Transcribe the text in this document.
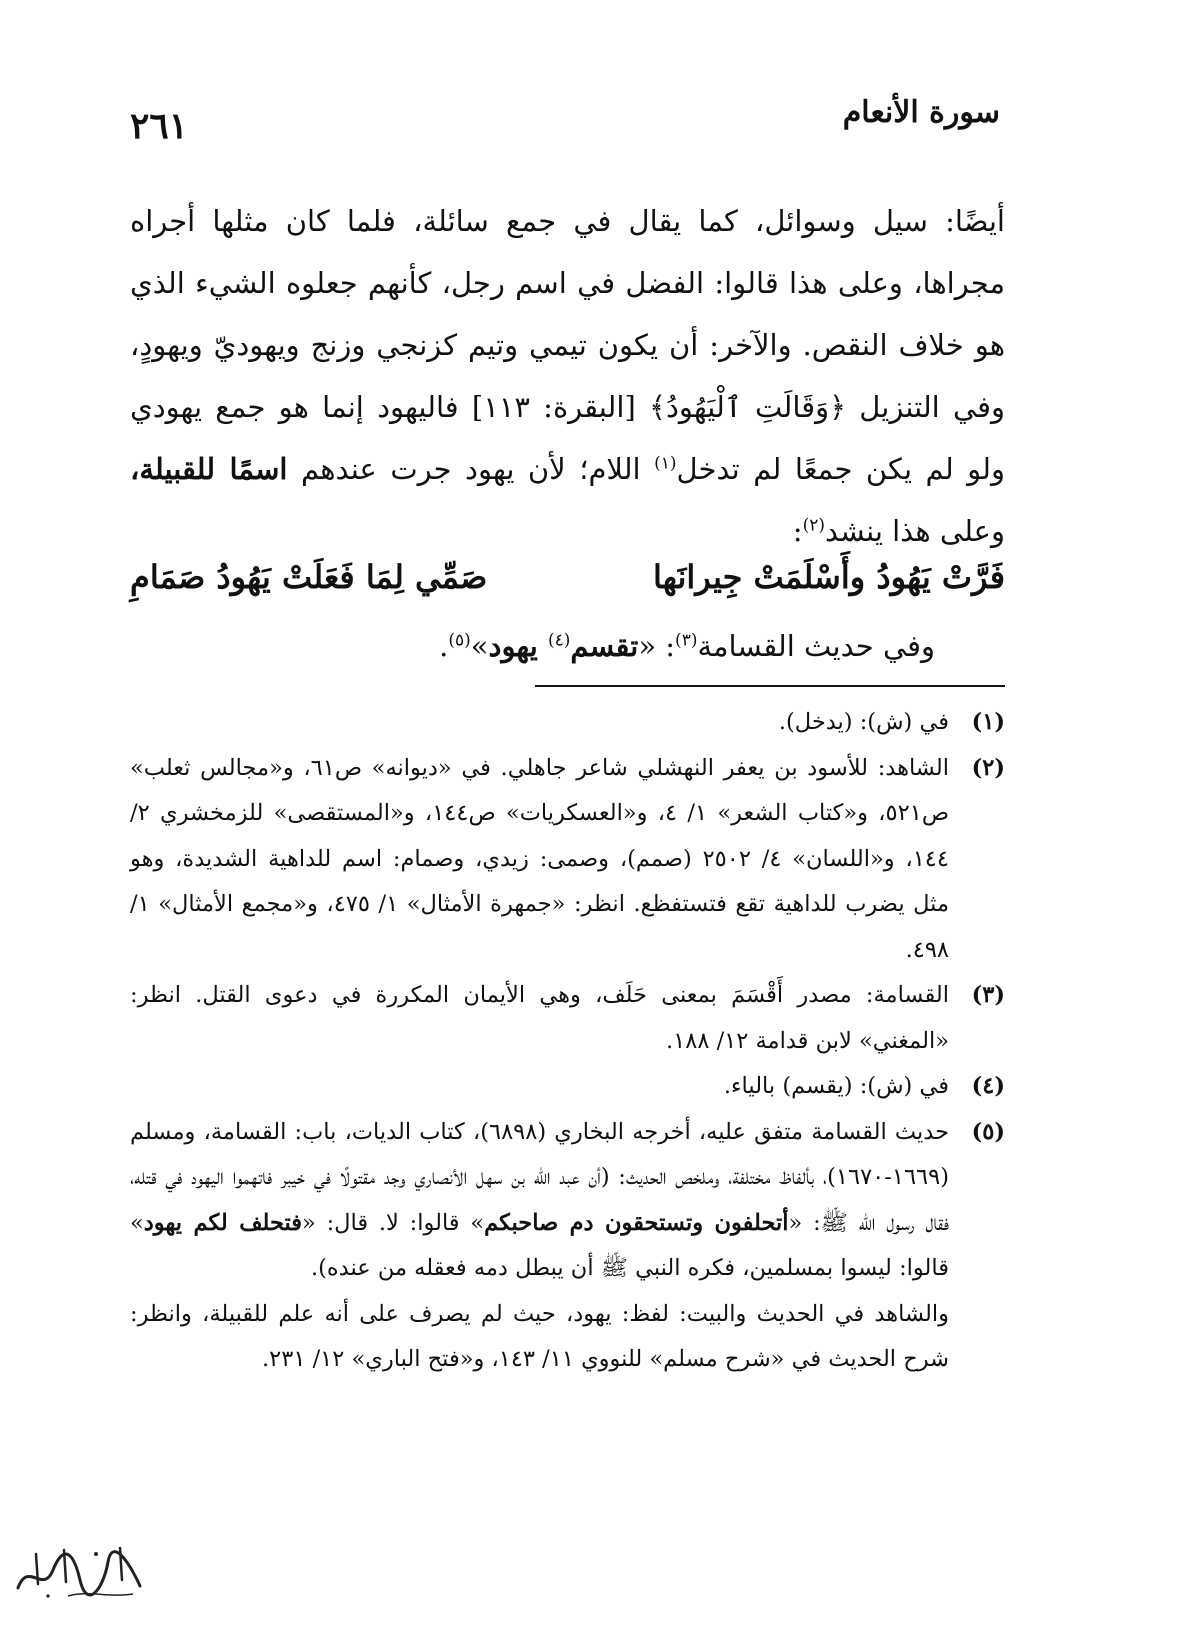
٢٦١	سورة الأنعام

أيضًا: سيل وسوائل، كما يقال في جمع سائلة، فلما كان مثلها أجراه مجراها، وعلى هذا قالوا: الفضل في اسم رجل، كأنهم جعلوه الشيء الذي هو خلاف النقص. والآخر: أن يكون تيمي وتيم كزنجي وزنج ويهوديّ ويهودٍ، وفي التنزيل ﴿وَقَالَتِ ٱلْيَهُودُ﴾ [البقرة: ١١٣] فاليهود إنما هو جمع يهودي ولو لم يكن جمعًا لم تدخل$^{(١)}$ اللام؛ لأن يهود جرت عندهم اسمًا للقبيلة، وعلى هذا ينشد$^{(٢)}$:

فَرَّتْ يَهُودُ وأَسْلَمَتْ جِيرانَها
صَمِّي لِمَا فَعَلَتْ يَهُودُ صَمَامِ
وفي حديث القسامة$^{(٣)}$: «تقسم$^{(٤)}$ يهود»$^{(٥)}$.
(١)
في (ش): (يدخل).
(٢)
الشاهد: للأسود بن يعفر النهشلي شاعر جاهلي. في «ديوانه» ص٦١، و«مجالس ثعلب» ص٥٢١، و«كتاب الشعر» ١/ ٤، و«العسكريات» ص١٤٤، و«المستقصى» للزمخشري ٢/ ١٤٤، و«اللسان» ٤/ ٢٥٠٢ (صمم)، وصمى: زيدي، وصمام: اسم للداهية الشديدة، وهو مثل يضرب للداهية تقع فتستفظع. انظر: «جمهرة الأمثال» ١/ ٤٧٥، و«مجمع الأمثال» ١/ ٤٩٨.
(٣)
القسامة: مصدر أَقْسَمَ بمعنى حَلَف، وهي الأيمان المكررة في دعوى القتل. انظر: «المغني» لابن قدامة ١٢/ ١٨٨.
(٤)
في (ش): (يقسم) بالياء.
(٥)
حديث القسامة متفق عليه، أخرجه البخاري (٦٨٩٨)، كتاب الديات، باب: القسامة، ومسلم (١٦٦٩-١٦٧٠)، بألفاظ مختلفة، وملخص الحديث: (أن عبد الله بن سهل الأنصاري وجد مقتولًا في خيبر فاتهموا اليهود في قتله، فقال رسول الله ﷺ: «أتحلفون وتستحقون دم صاحبكم» قالوا: لا. قال: «فتحلف لكم يهود» قالوا: ليسوا بمسلمين، فكره النبي ﷺ أن يبطل دمه فعقله من عنده).
والشاهد في الحديث والبيت: لفظ: يهود، حيث لم يصرف على أنه علم للقبيلة، وانظر: شرح الحديث في «شرح مسلم» للنووي ١١/ ١٤٣، و«فتح الباري» ١٢/ ٢٣١.
